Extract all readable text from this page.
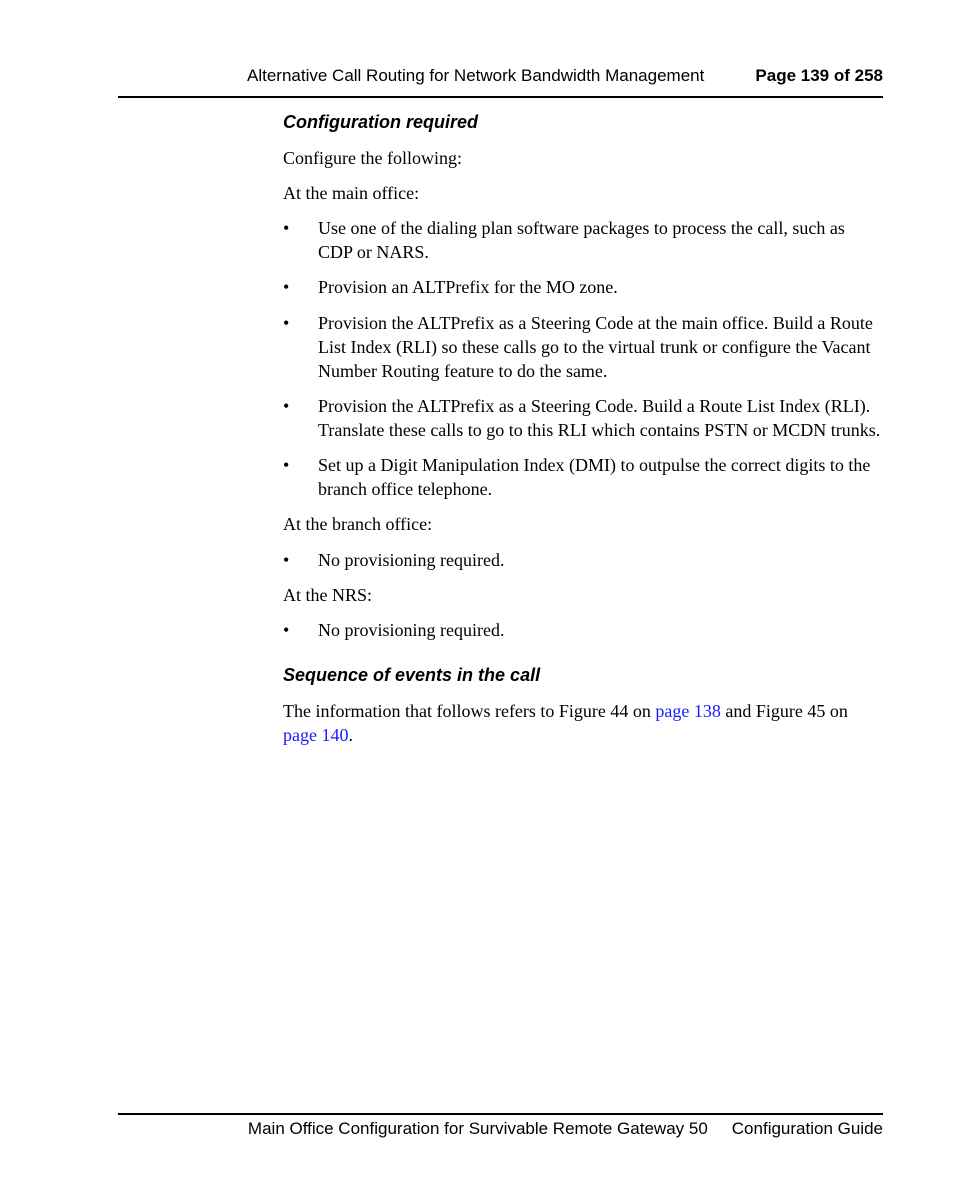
Alternative Call Routing for Network Bandwidth Management	Page 139 of 258
Configuration required

Configure the following:

At the main office:

• Use one of the dialing plan software packages to process the call, such as CDP or NARS.
• Provision an ALTPrefix for the MO zone.
• Provision the ALTPrefix as a Steering Code at the main office. Build a Route List Index (RLI) so these calls go to the virtual trunk or configure the Vacant Number Routing feature to do the same.
• Provision the ALTPrefix as a Steering Code. Build a Route List Index (RLI). Translate these calls to go to this RLI which contains PSTN or MCDN trunks.
• Set up a Digit Manipulation Index (DMI) to outpulse the correct digits to the branch office telephone.

At the branch office:

• No provisioning required.

At the NRS:

• No provisioning required.
Sequence of events in the call

The information that follows refers to Figure 44 on page 138 and Figure 45 on page 140.

Main Office Configuration for Survivable Remote Gateway 50 Configuration Guide
